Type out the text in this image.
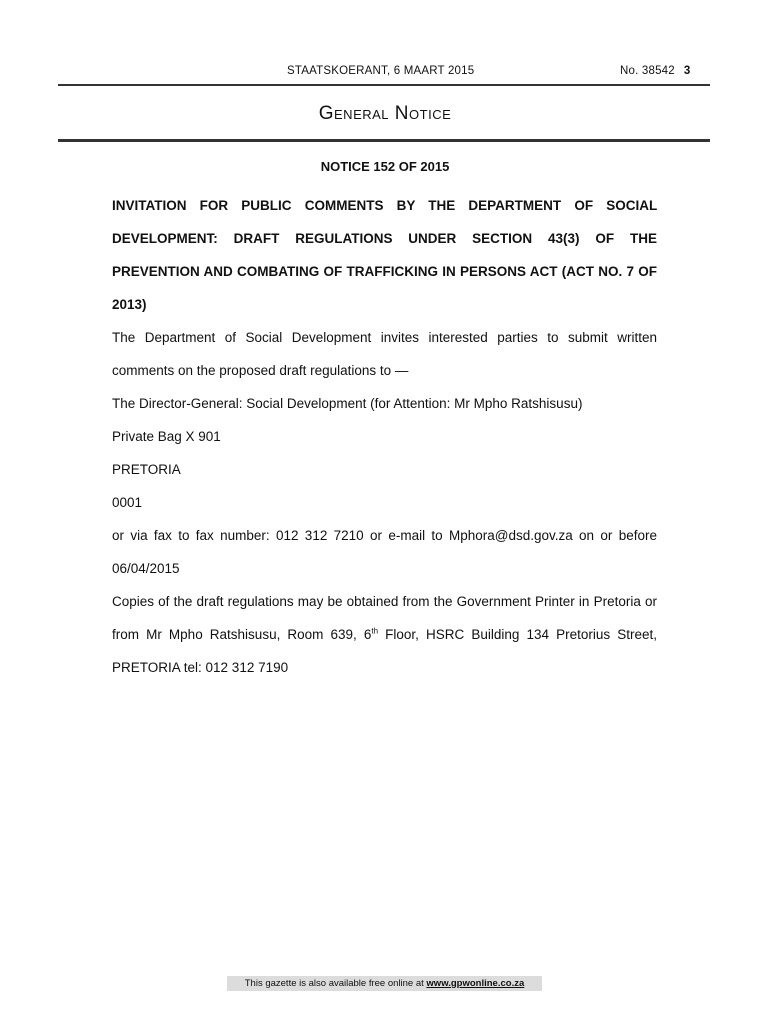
STAATSKOERANT, 6 MAART 2015	No. 38542 3
General Notice
NOTICE 152 OF 2015

INVITATION FOR PUBLIC COMMENTS BY THE DEPARTMENT OF SOCIAL DEVELOPMENT: DRAFT REGULATIONS UNDER SECTION 43(3) OF THE PREVENTION AND COMBATING OF TRAFFICKING IN PERSONS ACT (ACT NO. 7 OF 2013)

The Department of Social Development invites interested parties to submit written comments on the proposed draft regulations to —

The Director-General: Social Development (for Attention: Mr Mpho Ratshisusu)

Private Bag X 901

PRETORIA

0001

or via fax to fax number: 012 312 7210 or e-mail to Mphora@dsd.gov.za on or before 06/04/2015

Copies of the draft regulations may be obtained from the Government Printer in Pretoria or from Mr Mpho Ratshisusu, Room 639, 6th Floor, HSRC Building 134 Pretorius Street, PRETORIA tel: 012 312 7190

This gazette is also available free online at www.gpwonline.co.za
